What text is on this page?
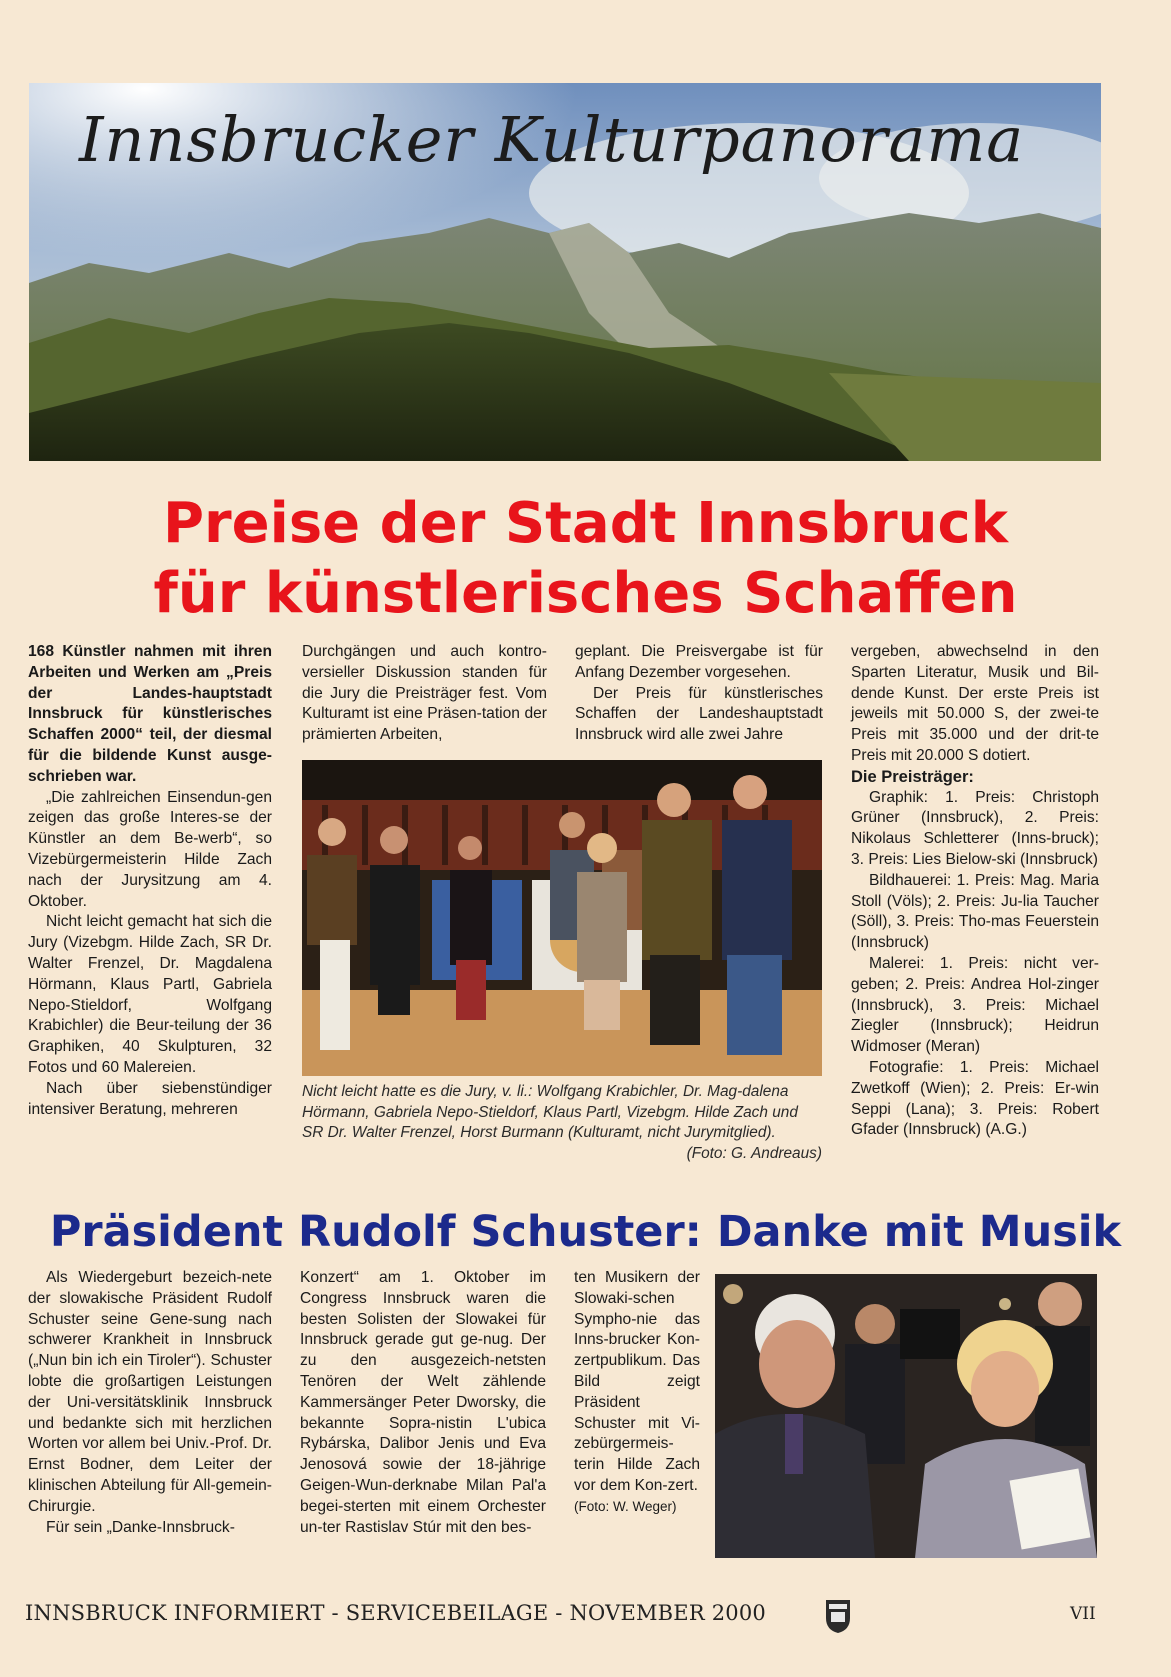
Innsbrucker Kulturpanorama
Preise der Stadt Innsbruck
für künstlerisches Schaffen

168 Künstler nahmen mit ihren Arbeiten und Werken am „Preis der Landes-hauptstadt Innsbruck für künstlerisches Schaffen 2000“ teil, der diesmal für die bildende Kunst ausge-schrieben war.

„Die zahlreichen Einsendun-gen zeigen das große Interes-se der Künstler an dem Be-werb“, so Vizebürgermeisterin Hilde Zach nach der Jurysitzung am 4. Oktober.

Nicht leicht gemacht hat sich die Jury (Vizebgm. Hilde Zach, SR Dr. Walter Frenzel, Dr. Magdalena Hörmann, Klaus Partl, Gabriela Nepo-Stieldorf, Wolfgang Krabichler) die Beur-teilung der 36 Graphiken, 40 Skulpturen, 32 Fotos und 60 Malereien.

Nach über siebenstündiger intensiver Beratung, mehreren

Durchgängen und auch kontro-versieller Diskussion standen für die Jury die Preisträger fest. Vom Kulturamt ist eine Präsen-tation der prämierten Arbeiten,

geplant. Die Preisvergabe ist für Anfang Dezember vorgesehen.

Der Preis für künstlerisches Schaffen der Landeshauptstadt Innsbruck wird alle zwei Jahre

vergeben, abwechselnd in den Sparten Literatur, Musik und Bil-dende Kunst. Der erste Preis ist jeweils mit 50.000 S, der zwei-te Preis mit 35.000 und der drit-te Preis mit 20.000 S dotiert.

Die Preisträger:

Graphik: 1. Preis: Christoph Grüner (Innsbruck), 2. Preis: Nikolaus Schletterer (Inns-bruck); 3. Preis: Lies Bielow-ski (Innsbruck)

Bildhauerei: 1. Preis: Mag. Maria Stoll (Völs); 2. Preis: Ju-lia Taucher (Söll), 3. Preis: Tho-mas Feuerstein (Innsbruck)

Malerei: 1. Preis: nicht ver-geben; 2. Preis: Andrea Hol-zinger (Innsbruck), 3. Preis: Michael Ziegler (Innsbruck); Heidrun Widmoser (Meran)

Fotografie: 1. Preis: Michael Zwetkoff (Wien); 2. Preis: Er-win Seppi (Lana); 3. Preis: Robert Gfader (Innsbruck) (A.G.)

Nicht leicht hatte es die Jury, v. li.: Wolfgang Krabichler, Dr. Mag-dalena Hörmann, Gabriela Nepo-Stieldorf, Klaus Partl, Vizebgm. Hilde Zach und SR Dr. Walter Frenzel, Horst Burmann (Kulturamt, nicht Jurymitglied).
(Foto: G. Andreaus)
Präsident Rudolf Schuster: Danke mit Musik

Als Wiedergeburt bezeich-nete der slowakische Präsident Rudolf Schuster seine Gene-sung nach schwerer Krankheit in Innsbruck („Nun bin ich ein Tiroler“). Schuster lobte die großartigen Leistungen der Uni-versitätsklinik Innsbruck und bedankte sich mit herzlichen Worten vor allem bei Univ.-Prof. Dr. Ernst Bodner, dem Leiter der klinischen Abteilung für All-gemein-Chirurgie.

Für sein „Danke-Innsbruck-

Konzert“ am 1. Oktober im Congress Innsbruck waren die besten Solisten der Slowakei für Innsbruck gerade gut ge-nug. Der zu den ausgezeich-netsten Tenören der Welt zählende Kammersänger Peter Dworsky, die bekannte Sopra-nistin L'ubica Rybárska, Dalibor Jenis und Eva Jenosová sowie der 18-jährige Geigen-Wun-derknabe Milan Pal'a begei-sterten mit einem Orchester un-ter Rastislav Stúr mit den bes-

ten Musikern der Slowaki-schen Sympho-nie das Inns-brucker Kon-zertpublikum. Das Bild zeigt Präsident Schuster mit Vi-zebürgermeis-terin Hilde Zach vor dem Kon-zert.

(Foto: W. Weger)

INNSBRUCK INFORMIERT - SERVICEBEILAGE - NOVEMBER 2000	VII
